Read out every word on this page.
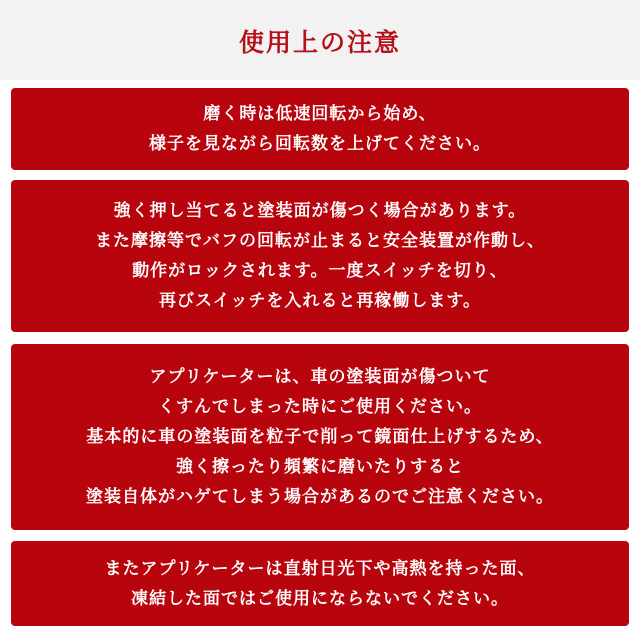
使用上の注意
磨く時は低速回転から始め、
様子を見ながら回転数を上げてください。
強く押し当てると塗装面が傷つく場合があります。
また摩擦等でバフの回転が止まると安全装置が作動し、
動作がロックされます。一度スイッチを切り、
再びスイッチを入れると再稼働します。
アプリケーターは、車の塗装面が傷ついて
くすんでしまった時にご使用ください。
基本的に車の塗装面を粒子で削って鏡面仕上げするため、
強く擦ったり頻繁に磨いたりすると
塗装自体がハゲてしまう場合があるのでご注意ください。
またアプリケーターは直射日光下や高熱を持った面、
凍結した面ではご使用にならないでください。
